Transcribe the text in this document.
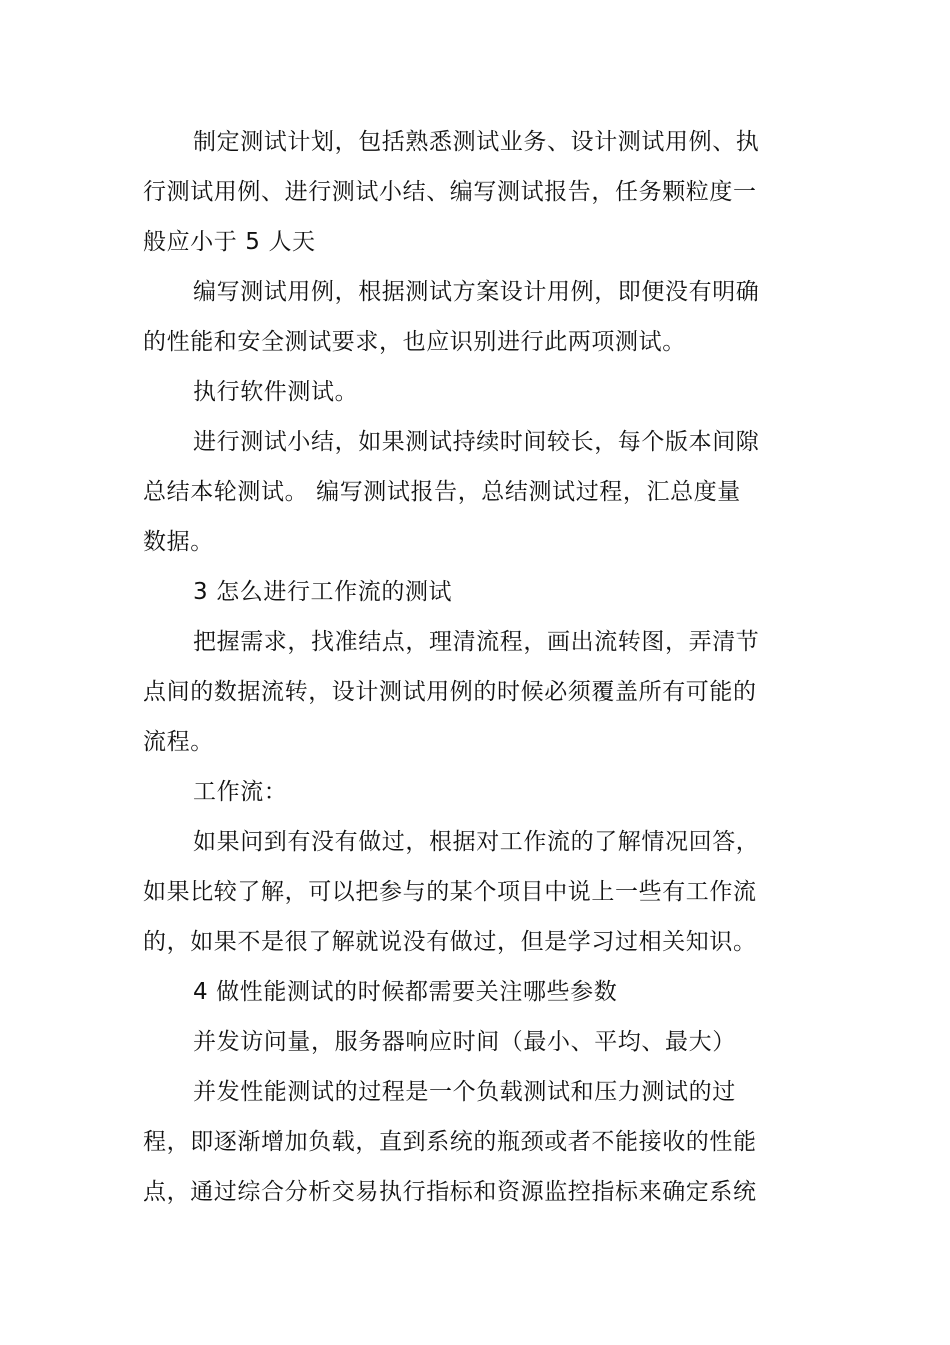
制定测试计划，包括熟悉测试业务、设计测试用例、执
行测试用例、进行测试小结、编写测试报告，任务颗粒度一
般应小于 5 人天
编写测试用例，根据测试方案设计用例，即便没有明确
的性能和安全测试要求，也应识别进行此两项测试。
执行软件测试。
进行测试小结，如果测试持续时间较长，每个版本间隙
总结本轮测试。 编写测试报告，总结测试过程，汇总度量
数据。
3 怎么进行工作流的测试
把握需求，找准结点，理清流程，画出流转图，弄清节
点间的数据流转，设计测试用例的时候必须覆盖所有可能的
流程。
工作流：
如果问到有没有做过，根据对工作流的了解情况回答，
如果比较了解，可以把参与的某个项目中说上一些有工作流
的，如果不是很了解就说没有做过，但是学习过相关知识。
4 做性能测试的时候都需要关注哪些参数
并发访问量，服务器响应时间（最小、平均、最大）
并发性能测试的过程是一个负载测试和压力测试的过
程，即逐渐增加负载，直到系统的瓶颈或者不能接收的性能
点，通过综合分析交易执行指标和资源监控指标来确定系统
